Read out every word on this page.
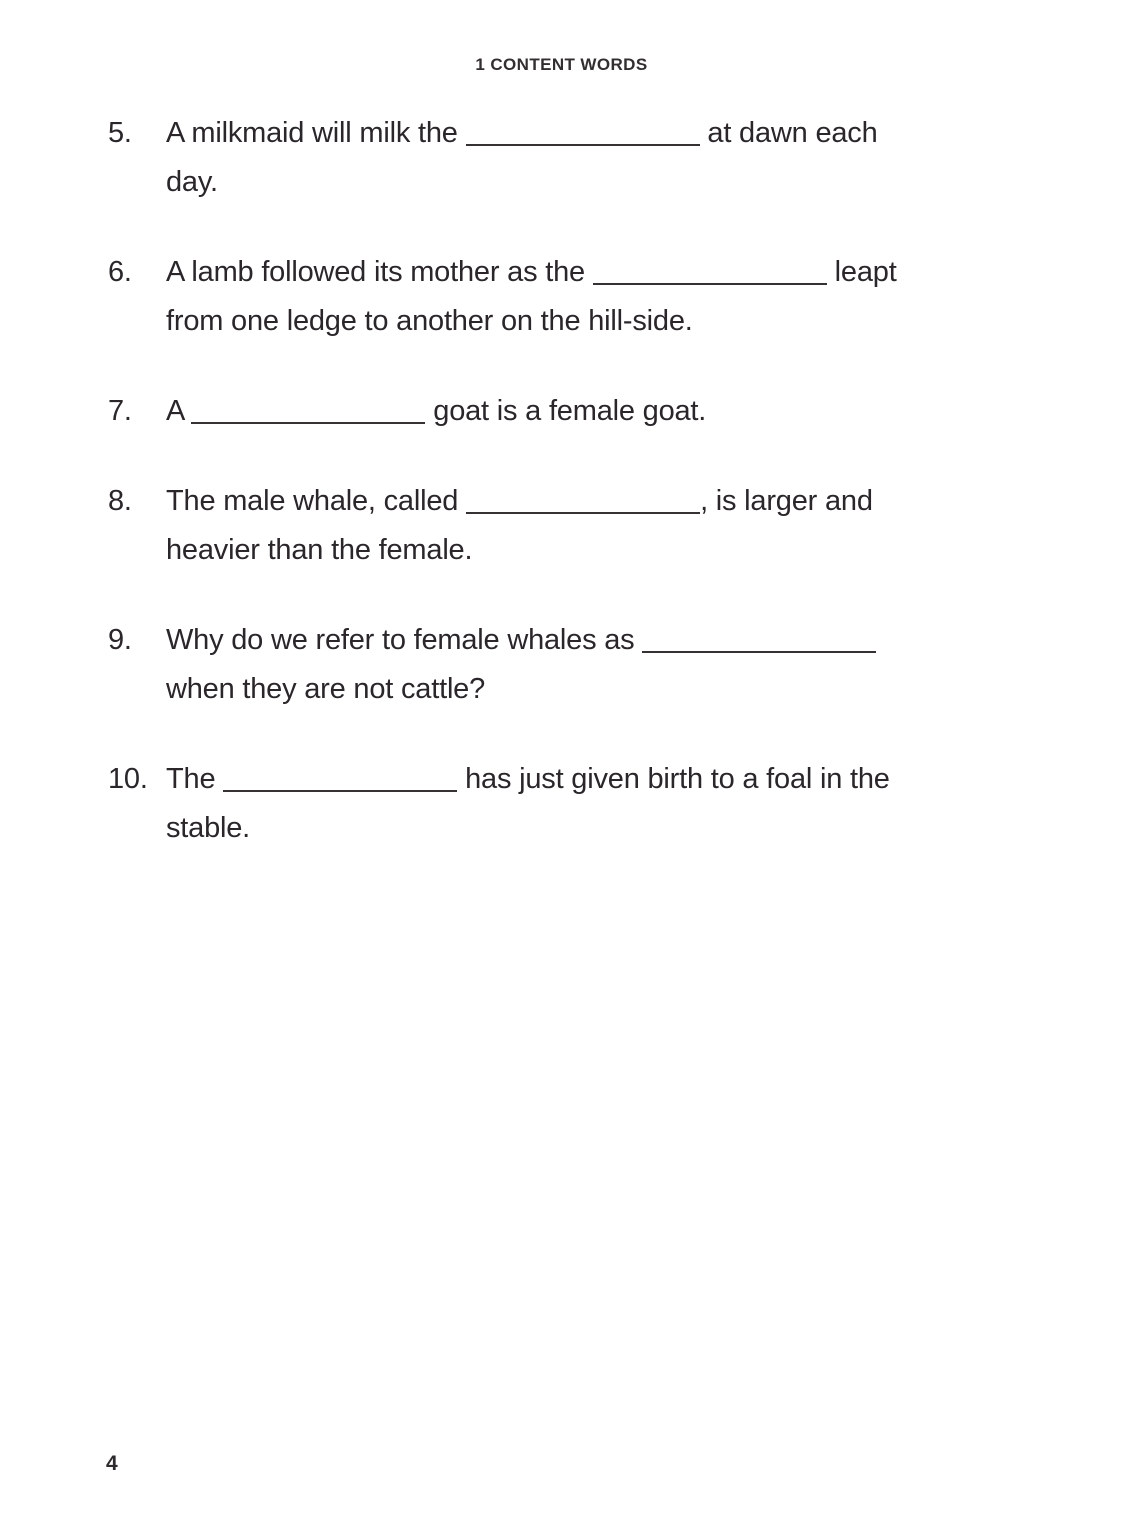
1 CONTENT WORDS
5.	A milkmaid will milk the	at dawn each
day.
6.	A lamb followed its mother as the	leapt
from one ledge to another on the hill-side.
7.	A	goat is a female goat.
8.	The male whale, called	, is larger and
heavier than the female.
9.	Why do we refer to female whales as
when they are not cattle?
10. The	has just given birth to a foal in the
stable.
4
